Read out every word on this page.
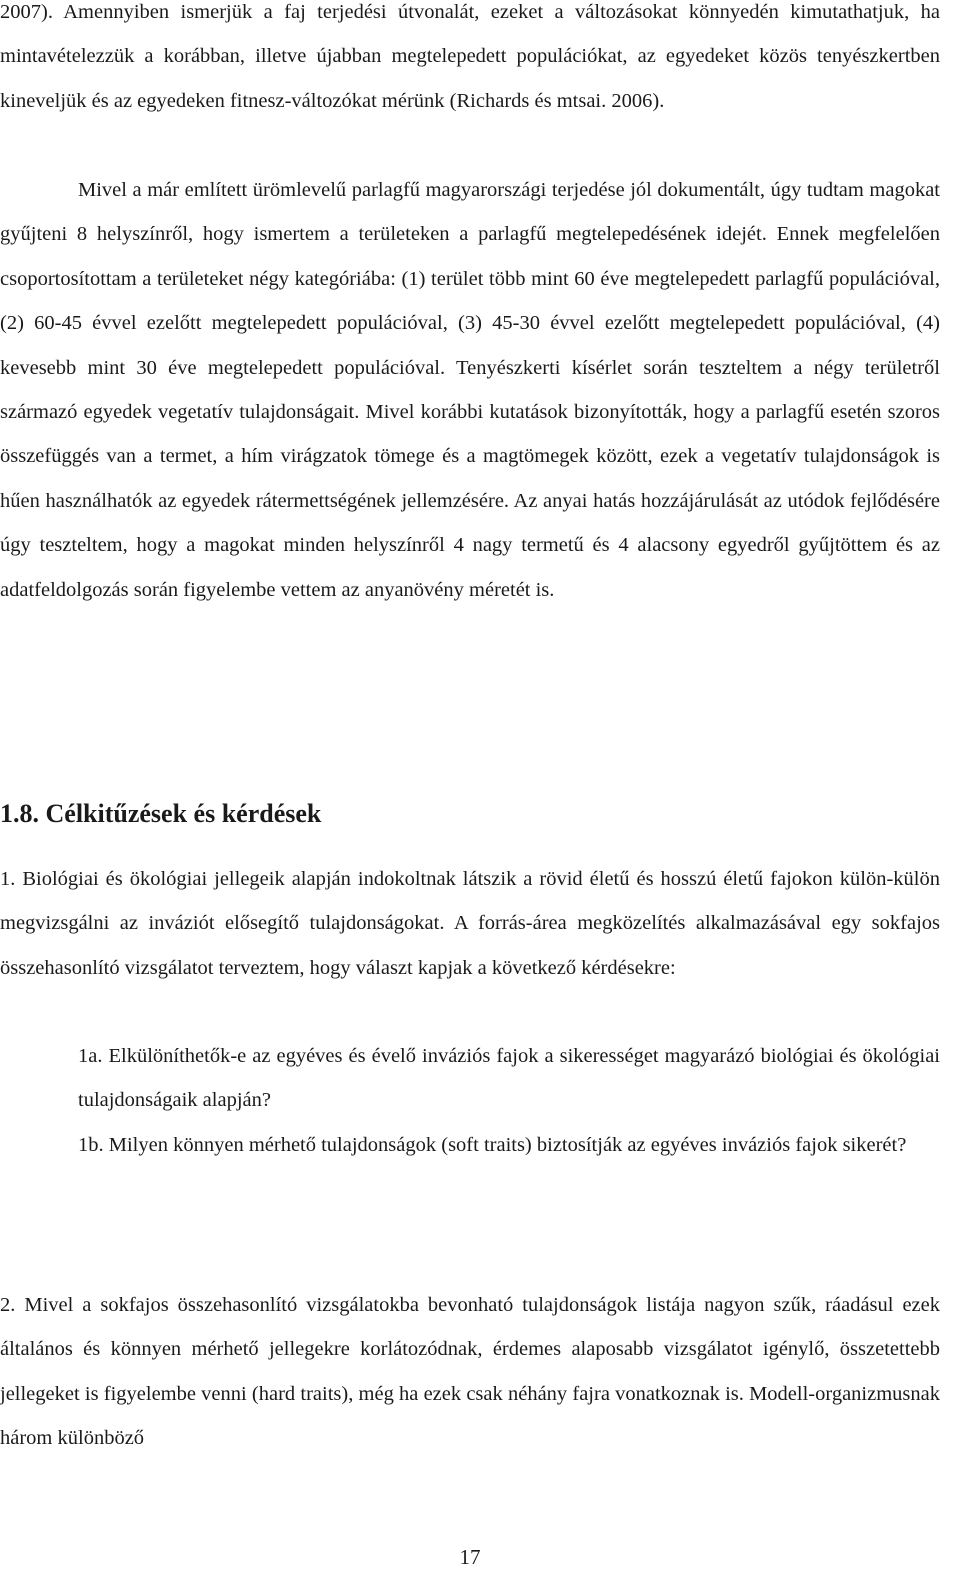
2007). Amennyiben ismerjük a faj terjedési útvonalát, ezeket a változásokat könnyedén kimutathatjuk, ha mintavételezzük a korábban, illetve újabban megtelepedett populációkat, az egyedeket közös tenyészkertben kineveljük és az egyedeken fitnesz-változókat mérünk (Richards és mtsai. 2006).

Mivel a már említett ürömlevelű parlagfű magyarországi terjedése jól dokumentált, úgy tudtam magokat gyűjteni 8 helyszínről, hogy ismertem a területeken a parlagfű megtelepedésének idejét. Ennek megfelelően csoportosítottam a területeket négy kategóriába: (1) terület több mint 60 éve megtelepedett parlagfű populációval, (2) 60-45 évvel ezelőtt megtelepedett populációval, (3) 45-30 évvel ezelőtt megtelepedett populációval, (4) kevesebb mint 30 éve megtelepedett populációval. Tenyészkerti kísérlet során teszteltem a négy területről származó egyedek vegetatív tulajdonságait. Mivel korábbi kutatások bizonyították, hogy a parlagfű esetén szoros összefüggés van a termet, a hím virágzatok tömege és a magtömegek között, ezek a vegetatív tulajdonságok is hűen használhatók az egyedek rátermettségének jellemzésére. Az anyai hatás hozzájárulását az utódok fejlődésére úgy teszteltem, hogy a magokat minden helyszínről 4 nagy termetű és 4 alacsony egyedről gyűjtöttem és az adatfeldolgozás során figyelembe vettem az anyanövény méretét is.

1.8. Célkitűzések és kérdések

1. Biológiai és ökológiai jellegeik alapján indokoltnak látszik a rövid életű és hosszú életű fajokon külön-külön megvizsgálni az inváziót elősegítő tulajdonságokat. A forrás-área megközelítés alkalmazásával egy sokfajos összehasonlító vizsgálatot terveztem, hogy választ kapjak a következő kérdésekre:

1a. Elkülöníthetők-e az egyéves és évelő inváziós fajok a sikerességet magyarázó biológiai és ökológiai tulajdonságaik alapján?

1b. Milyen könnyen mérhető tulajdonságok (soft traits) biztosítják az egyéves inváziós fajok sikerét?

2. Mivel a sokfajos összehasonlító vizsgálatokba bevonható tulajdonságok listája nagyon szűk, ráadásul ezek általános és könnyen mérhető jellegekre korlátozódnak, érdemes alaposabb vizsgálatot igénylő, összetettebb jellegeket is figyelembe venni (hard traits), még ha ezek csak néhány fajra vonatkoznak is. Modell-organizmusnak három különböző

17
